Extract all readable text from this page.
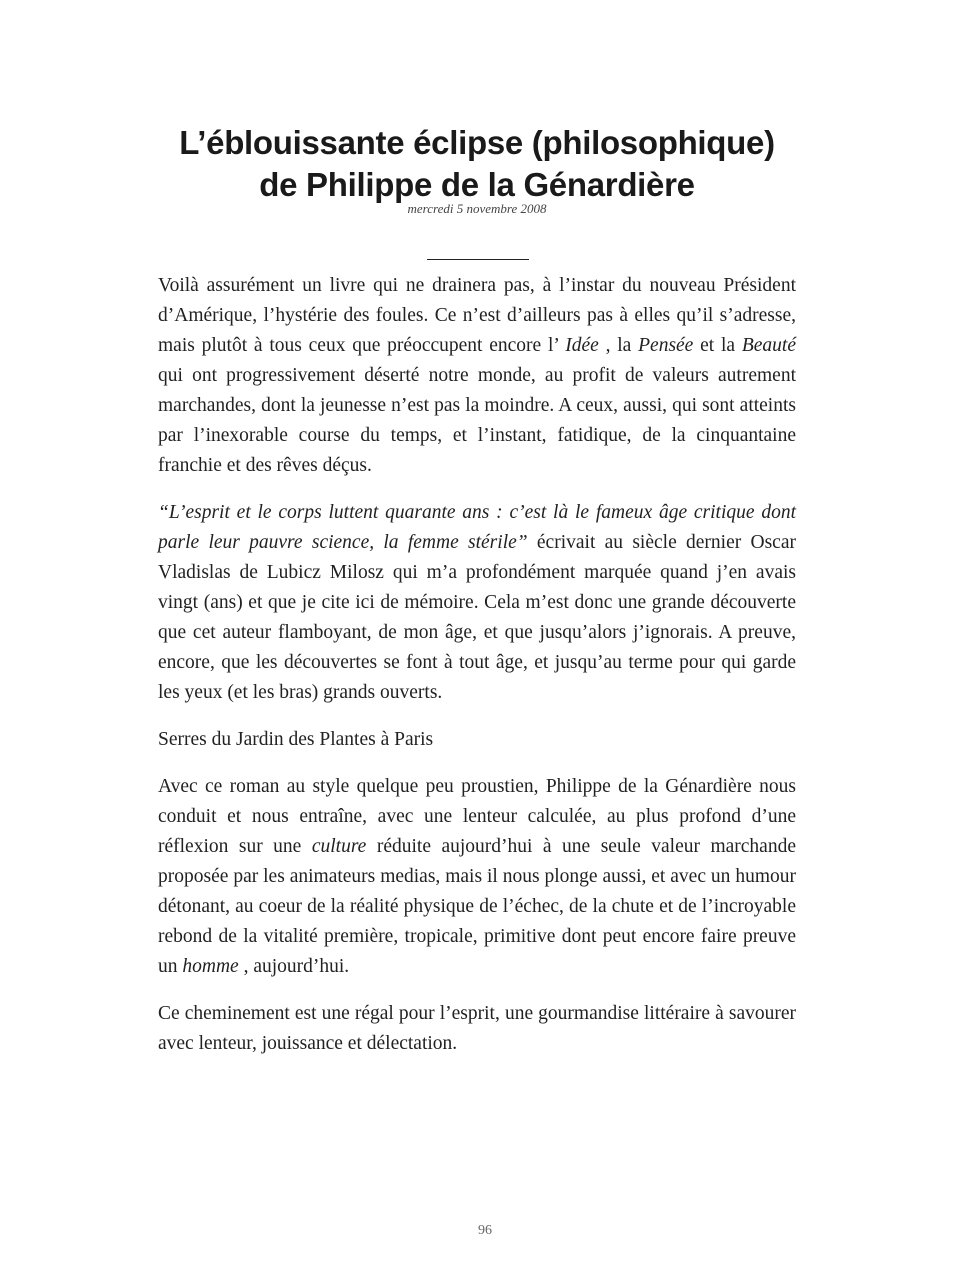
L’éblouissante éclipse (philosophique)
de Philippe de la Génardière
mercredi 5 novembre 2008

Voilà assurément un livre qui ne drainera pas, à l’instar du nouveau Président d’Amérique, l’hystérie des foules. Ce n’est d’ailleurs pas à elles qu’il s’adresse, mais plutôt à tous ceux que préoccupent encore l’ Idée , la Pensée et la Beauté qui ont progressivement déserté notre monde, au profit de valeurs autrement marchandes, dont la jeunesse n’est pas la moindre. A ceux, aussi, qui sont atteints par l’inexorable course du temps, et l’instant, fatidique, de la cinquantaine franchie et des rêves déçus.

“L’esprit et le corps luttent quarante ans : c’est là le fameux âge critique dont parle leur pauvre science, la femme stérile” écrivait au siècle dernier Oscar Vladislas de Lubicz Milosz qui m’a profondément marquée quand j’en avais vingt (ans) et que je cite ici de mémoire. Cela m’est donc une grande découverte que cet auteur flamboyant, de mon âge, et que jusqu’alors j’ignorais. A preuve, encore, que les découvertes se font à tout âge, et jusqu’au terme pour qui garde les yeux (et les bras) grands ouverts.

Serres du Jardin des Plantes à Paris

Avec ce roman au style quelque peu proustien, Philippe de la Génardière nous conduit et nous entraîne, avec une lenteur calculée, au plus profond d’une réflexion sur une culture réduite aujourd’hui à une seule valeur marchande proposée par les animateurs medias, mais il nous plonge aussi, et avec un humour détonant, au coeur de la réalité physique de l’échec, de la chute et de l’incroyable rebond de la vitalité première, tropicale, primitive dont peut encore faire preuve un homme , aujourd’hui.

Ce cheminement est une régal pour l’esprit, une gourmandise littéraire à savourer avec lenteur, jouissance et délectation.

96
